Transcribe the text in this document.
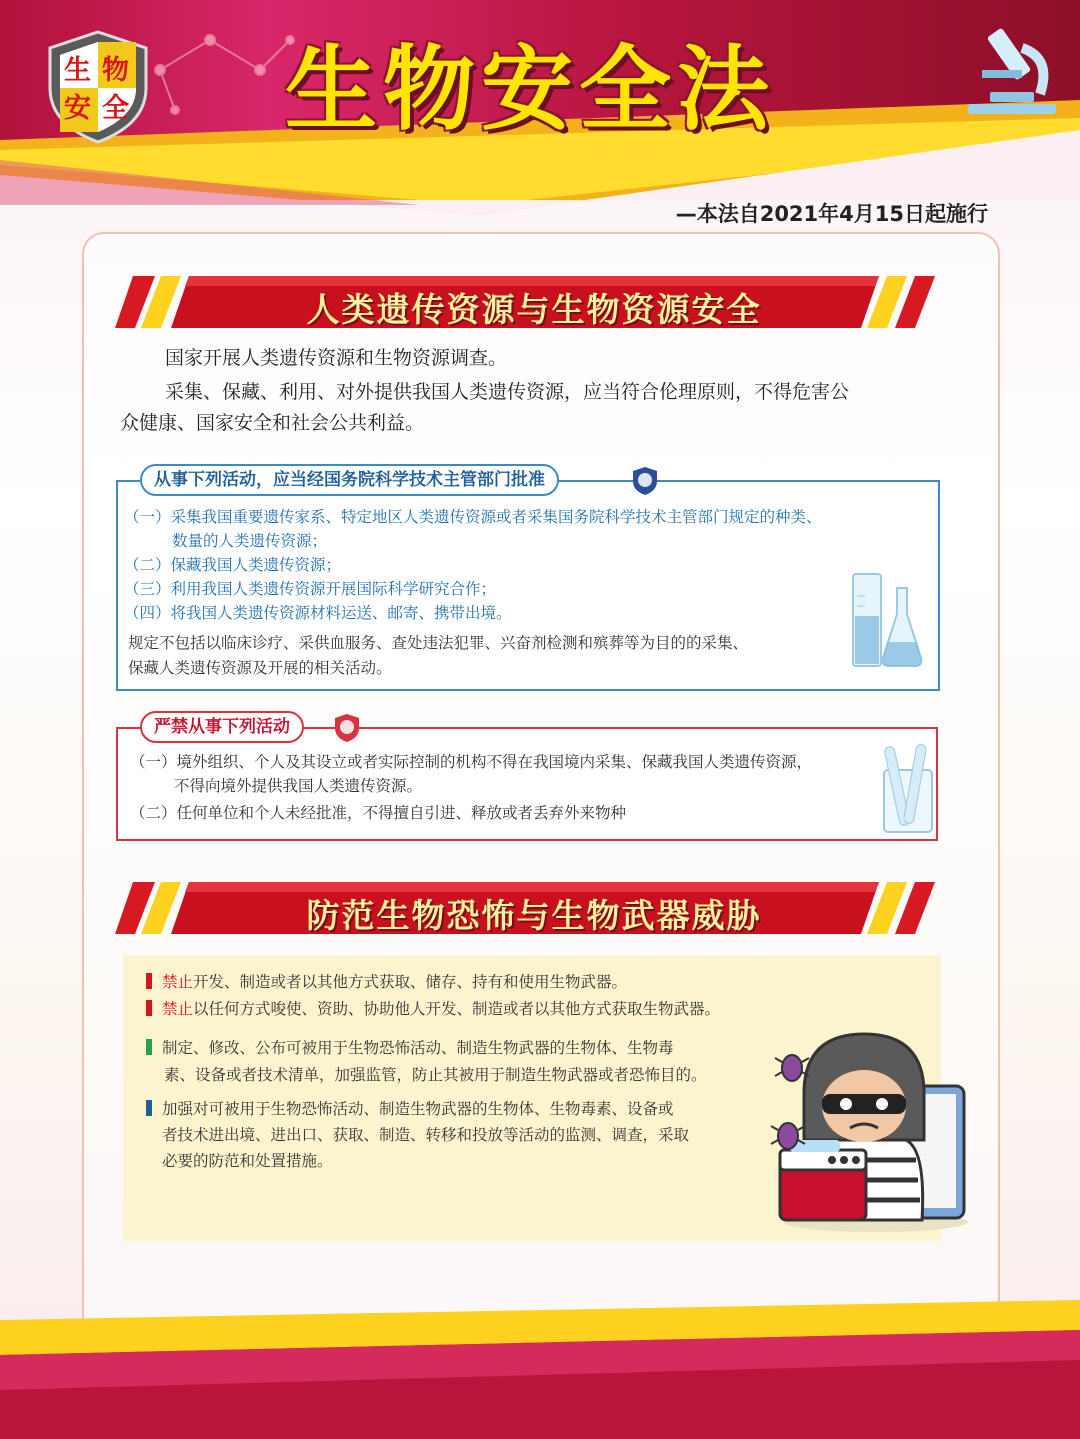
生 物
安 全 生物安全法
—本法自2021年4月15日起施行
人类遗传资源与生物资源安全
国家开展人类遗传资源和生物资源调查。
采集、保藏、利用、对外提供我国人类遗传资源，应当符合伦理原则，不得危害公
众健康、国家安全和社会公共利益。
从事下列活动，应当经国务院科学技术主管部门批准
（一）采集我国重要遗传家系、特定地区人类遗传资源或者采集国务院科学技术主管部门规定的种类、
数量的人类遗传资源；
（二）保藏我国人类遗传资源；
（三）利用我国人类遗传资源开展国际科学研究合作；
（四）将我国人类遗传资源材料运送、邮寄、携带出境。
规定不包括以临床诊疗、采供血服务、查处违法犯罪、兴奋剂检测和殡葬等为目的的采集、
保藏人类遗传资源及开展的相关活动。
严禁从事下列活动
（一）境外组织、个人及其设立或者实际控制的机构不得在我国境内采集、保藏我国人类遗传资源，
不得向境外提供我国人类遗传资源。
（二）任何单位和个人未经批准，不得擅自引进、释放或者丢弃外来物种
防范生物恐怖与生物武器威胁
禁止开发、制造或者以其他方式获取、储存、持有和使用生物武器。
禁止以任何方式唆使、资助、协助他人开发、制造或者以其他方式获取生物武器。
制定、修改、公布可被用于生物恐怖活动、制造生物武器的生物体、生物毒
素、设备或者技术清单，加强监管，防止其被用于制造生物武器或者恐怖目的。
加强对可被用于生物恐怖活动、制造生物武器的生物体、生物毒素、设备或
者技术进出境、进出口、获取、制造、转移和投放等活动的监测、调查，采取
必要的防范和处置措施。
